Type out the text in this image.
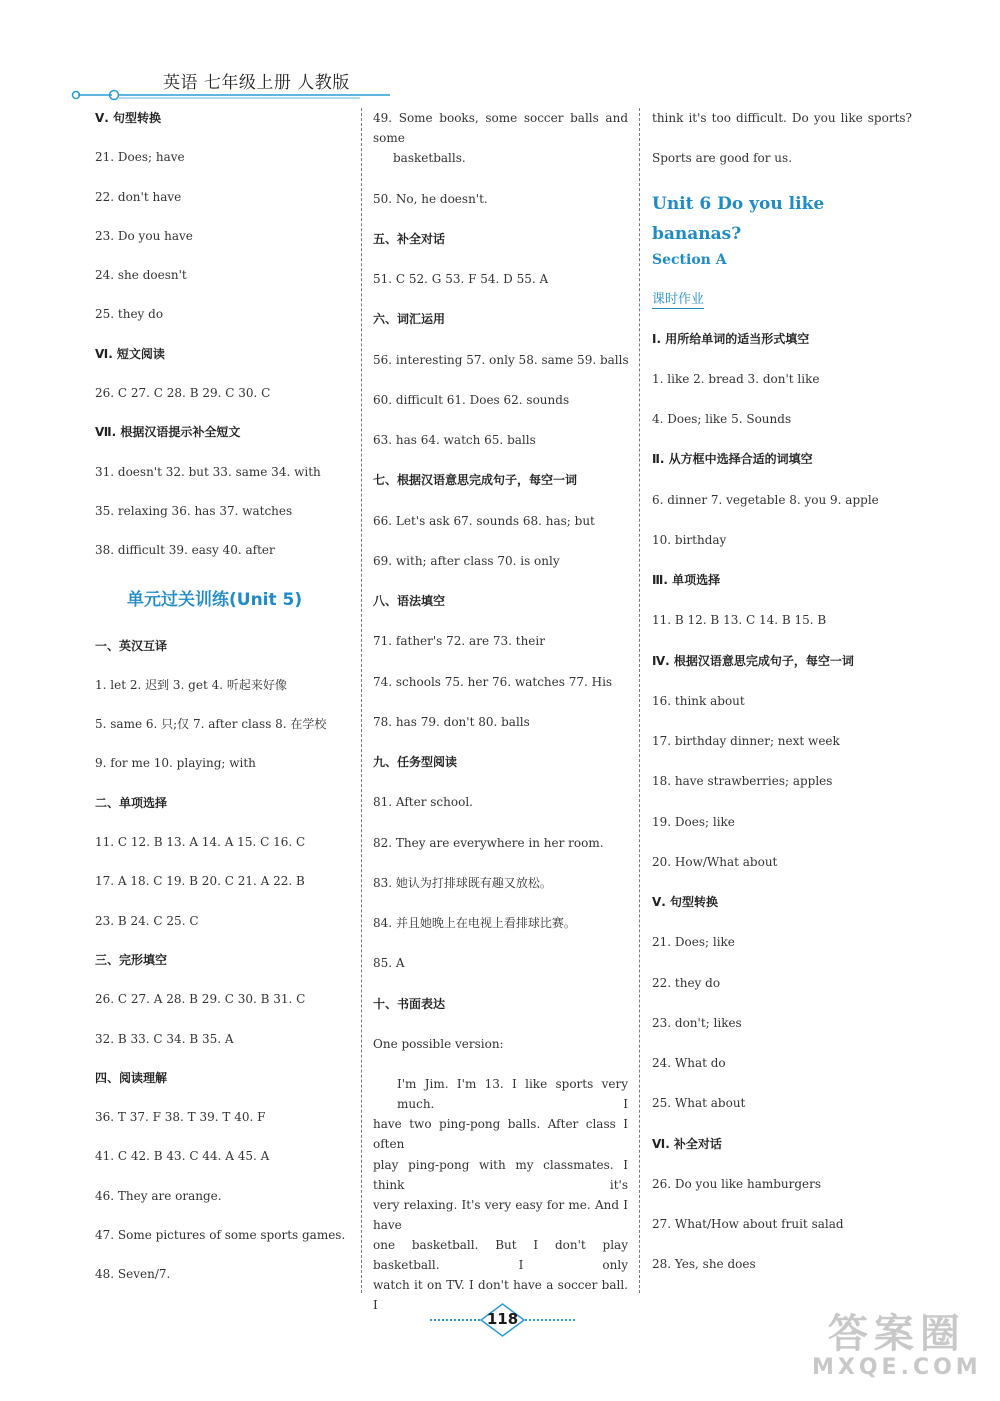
英语 七年级上册 人教版
Ⅴ. 句型转换
21. Does; have
22. don't have
23. Do you have
24. she doesn't
25. they do
Ⅵ. 短文阅读
26. C 27. C 28. B 29. C 30. C
Ⅶ. 根据汉语提示补全短文
31. doesn't 32. but 33. same 34. with
35. relaxing 36. has 37. watches
38. difficult 39. easy 40. after
单元过关训练(Unit 5)
一、英汉互译
1. let 2. 迟到 3. get 4. 听起来好像
5. same 6. 只;仅 7. after class 8. 在学校
9. for me 10. playing; with
二、单项选择
11. C 12. B 13. A 14. A 15. C 16. C
17. A 18. C 19. B 20. C 21. A 22. B
23. B 24. C 25. C
三、完形填空
26. C 27. A 28. B 29. C 30. B 31. C
32. B 33. C 34. B 35. A
四、阅读理解
36. T 37. F 38. T 39. T 40. F
41. C 42. B 43. C 44. A 45. A
46. They are orange.
47. Some pictures of some sports games.
48. Seven/7.
49. Some books, some soccer balls and some
basketballs.
50. No, he doesn't.
五、补全对话
51. C 52. G 53. F 54. D 55. A
六、词汇运用
56. interesting 57. only 58. same 59. balls
60. difficult 61. Does 62. sounds
63. has 64. watch 65. balls
七、根据汉语意思完成句子，每空一词
66. Let's ask 67. sounds 68. has; but
69. with; after class 70. is only
八、语法填空
71. father's 72. are 73. their
74. schools 75. her 76. watches 77. His
78. has 79. don't 80. balls
九、任务型阅读
81. After school.
82. They are everywhere in her room.
83. 她认为打排球既有趣又放松。
84. 并且她晚上在电视上看排球比赛。
85. A
十、书面表达
One possible version:
I'm Jim. I'm 13. I like sports very much. I
have two ping-pong balls. After class I often
play ping-pong with my classmates. I think it's
very relaxing. It's very easy for me. And I have
one basketball. But I don't play basketball. I only
watch it on TV. I don't have a soccer ball. I
think it's too difficult. Do you like sports?
Sports are good for us.
Unit 6 Do you like bananas?
Section A
课时作业
Ⅰ. 用所给单词的适当形式填空
1. like 2. bread 3. don't like
4. Does; like 5. Sounds
Ⅱ. 从方框中选择合适的词填空
6. dinner 7. vegetable 8. you 9. apple
10. birthday
Ⅲ. 单项选择
11. B 12. B 13. C 14. B 15. B
Ⅳ. 根据汉语意思完成句子，每空一词
16. think about
17. birthday dinner; next week
18. have strawberries; apples
19. Does; like
20. How/What about
Ⅴ. 句型转换
21. Does; like
22. they do
23. don't; likes
24. What do
25. What about
Ⅵ. 补全对话
26. Do you like hamburgers
27. What/How about fruit salad
28. Yes, she does
118	答案圈
MXQE.COM
